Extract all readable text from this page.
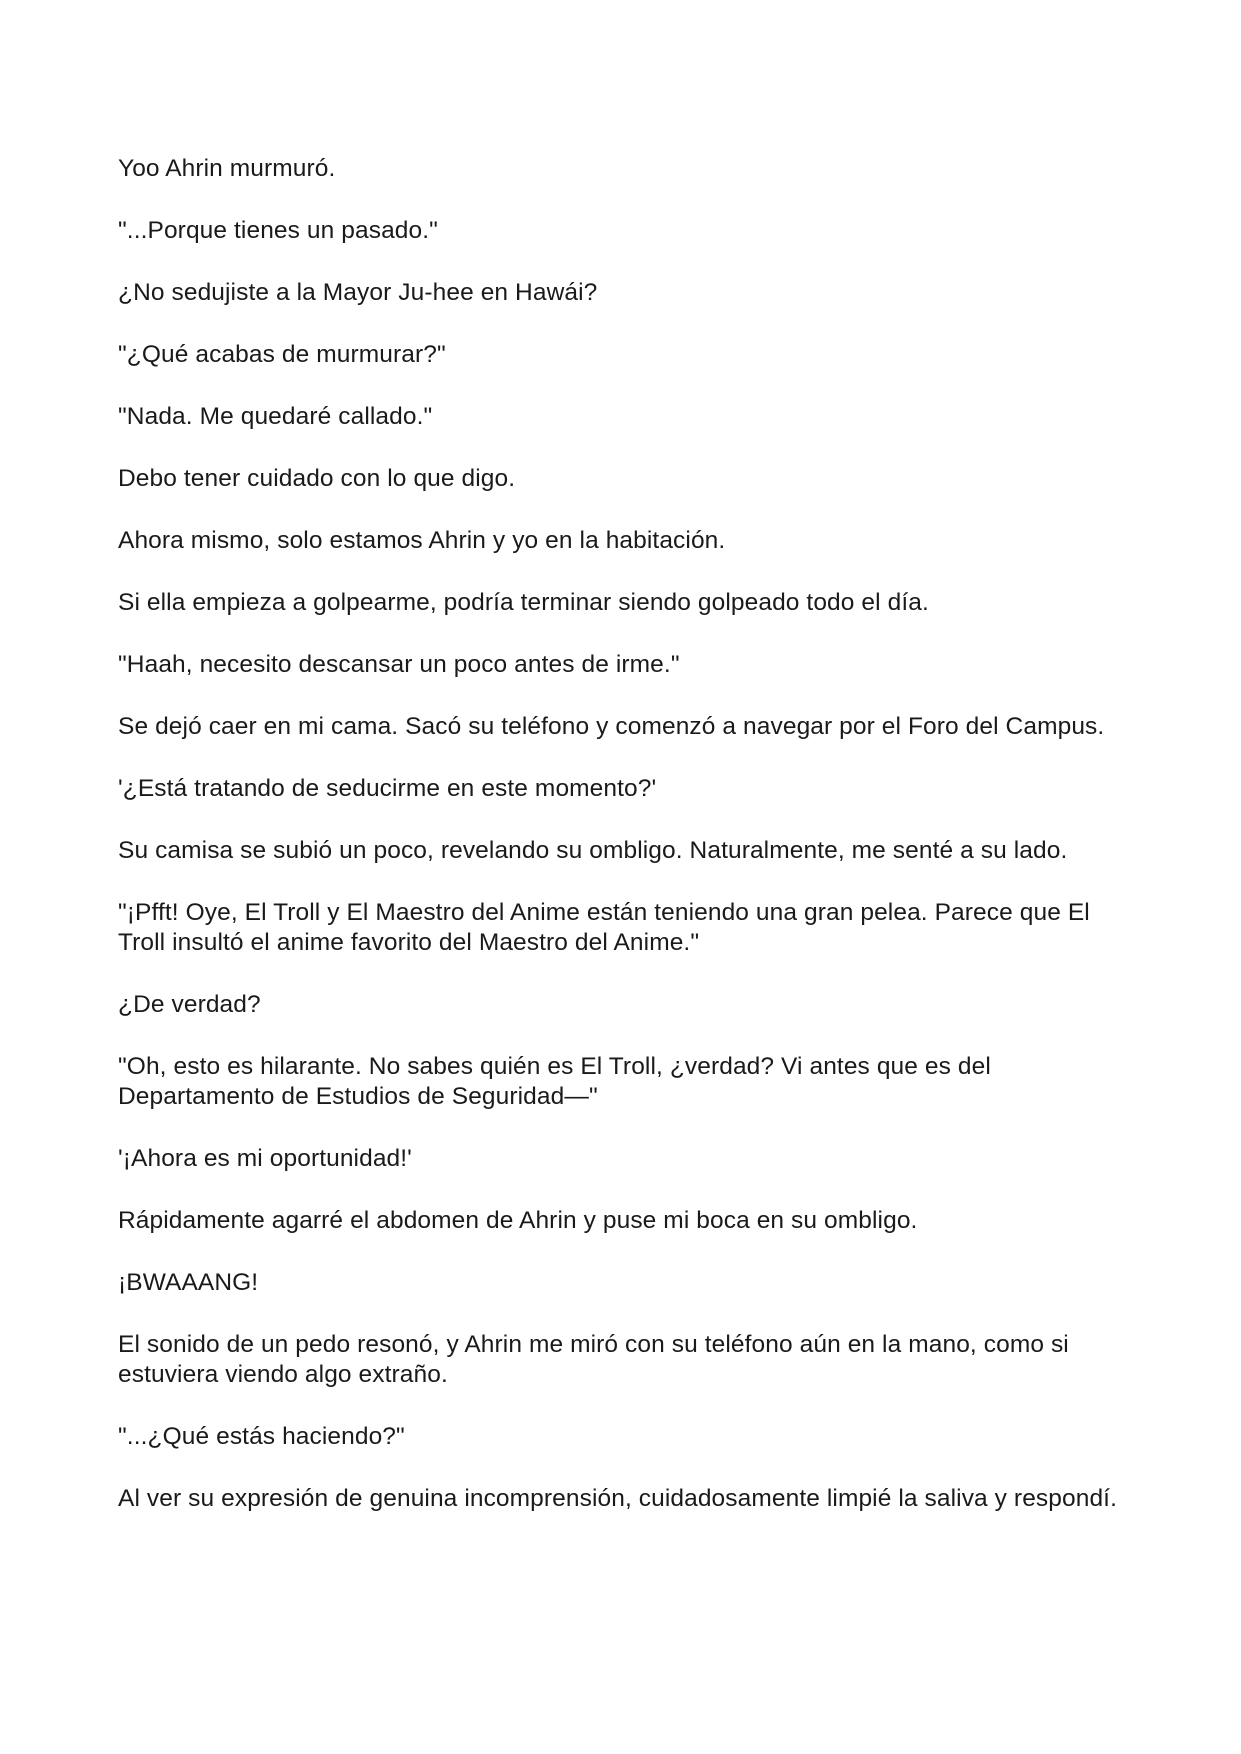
Yoo Ahrin murmuró.

"...Porque tienes un pasado."

¿No sedujiste a la Mayor Ju-hee en Hawái?

"¿Qué acabas de murmurar?"

"Nada. Me quedaré callado."

Debo tener cuidado con lo que digo.

Ahora mismo, solo estamos Ahrin y yo en la habitación.

Si ella empieza a golpearme, podría terminar siendo golpeado todo el día.

"Haah, necesito descansar un poco antes de irme."

Se dejó caer en mi cama. Sacó su teléfono y comenzó a navegar por el Foro del Campus.

'¿Está tratando de seducirme en este momento?'

Su camisa se subió un poco, revelando su ombligo. Naturalmente, me senté a su lado.

"¡Pfft! Oye, El Troll y El Maestro del Anime están teniendo una gran pelea. Parece que El Troll insultó el anime favorito del Maestro del Anime."

¿De verdad?

"Oh, esto es hilarante. No sabes quién es El Troll, ¿verdad? Vi antes que es del Departamento de Estudios de Seguridad—"

'¡Ahora es mi oportunidad!'

Rápidamente agarré el abdomen de Ahrin y puse mi boca en su ombligo.

¡BWAAANG!

El sonido de un pedo resonó, y Ahrin me miró con su teléfono aún en la mano, como si estuviera viendo algo extraño.

"...¿Qué estás haciendo?"

Al ver su expresión de genuina incomprensión, cuidadosamente limpié la saliva y respondí.
